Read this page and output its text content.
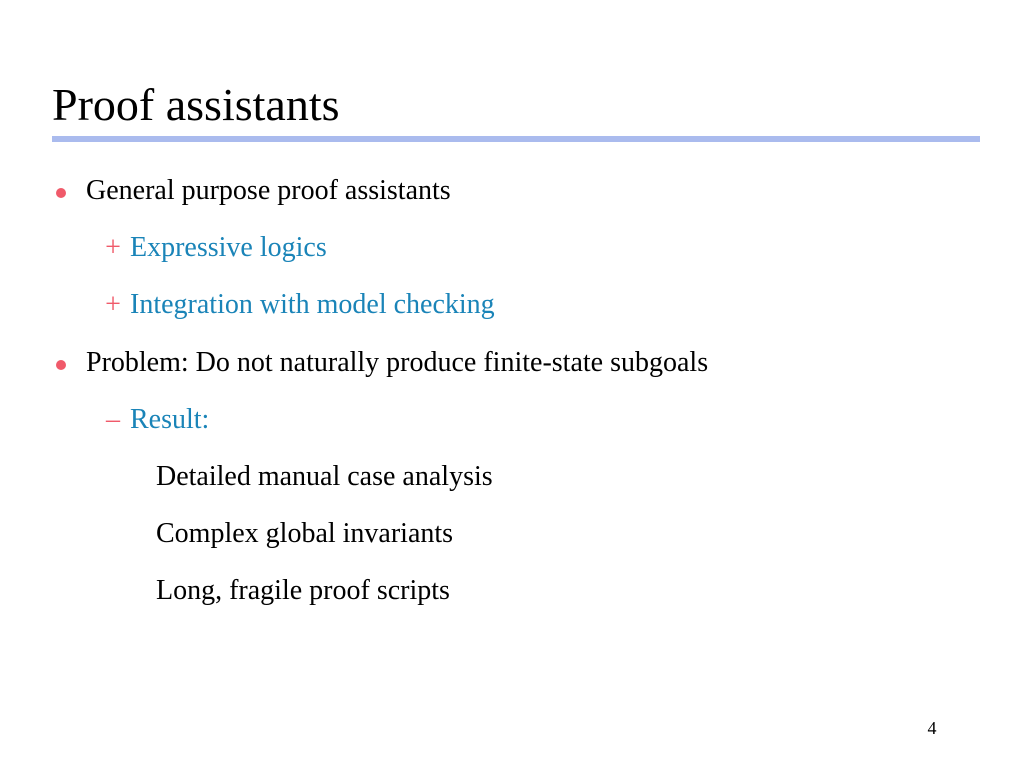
Proof assistants
General purpose proof assistants
+ Expressive logics
+ Integration with model checking
Problem: Do not naturally produce finite-state subgoals
– Result:
Detailed manual case analysis
Complex global invariants
Long, fragile proof scripts
4
